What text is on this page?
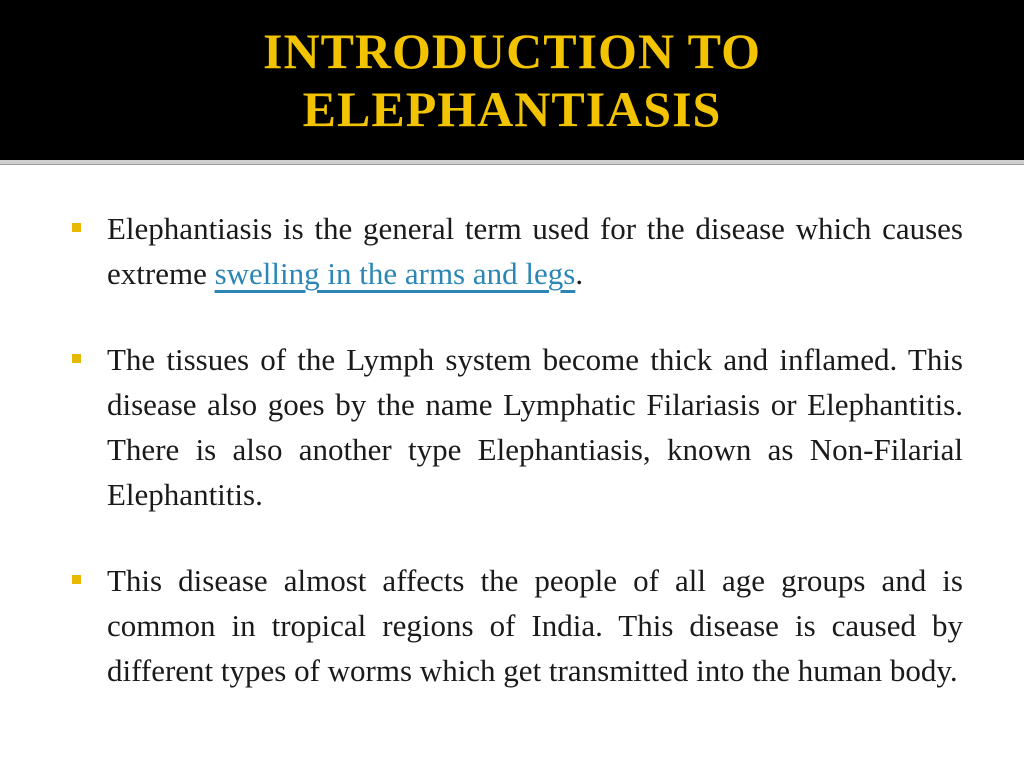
INTRODUCTION TO
ELEPHANTIASIS
Elephantiasis is the general term used for the disease which causes extreme swelling in the arms and legs.
The tissues of the Lymph system become thick and inflamed. This disease also goes by the name Lymphatic Filariasis or Elephantitis. There is also another type Elephantiasis, known as Non-Filarial Elephantitis.
This disease almost affects the people of all age groups and is common in tropical regions of India. This disease is caused by different types of worms which get transmitted into the human body.
